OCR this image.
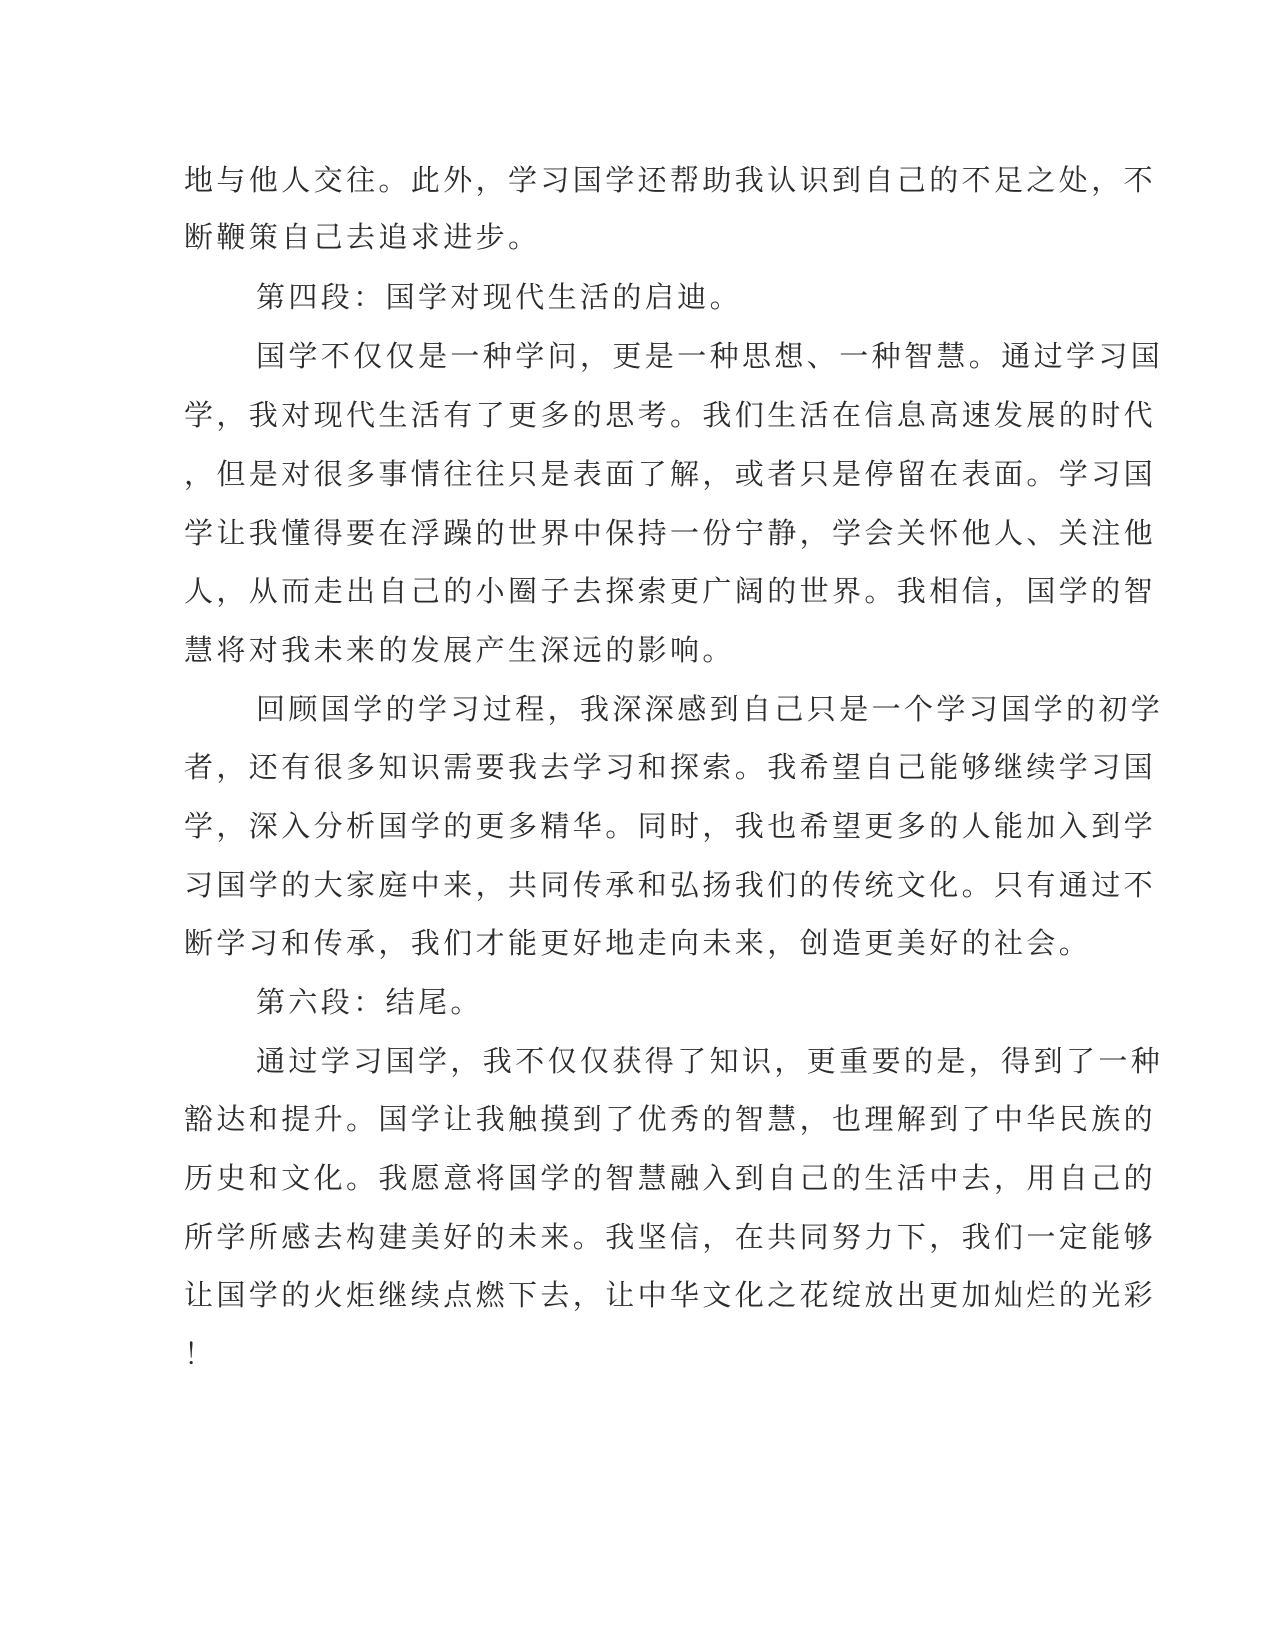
地与他人交往。此外，学习国学还帮助我认识到自己的不足之处，不
断鞭策自己去追求进步。
第四段：国学对现代生活的启迪。
国学不仅仅是一种学问，更是一种思想、一种智慧。通过学习国
学，我对现代生活有了更多的思考。我们生活在信息高速发展的时代
，但是对很多事情往往只是表面了解，或者只是停留在表面。学习国
学让我懂得要在浮躁的世界中保持一份宁静，学会关怀他人、关注他
人，从而走出自己的小圈子去探索更广阔的世界。我相信，国学的智
慧将对我未来的发展产生深远的影响。
回顾国学的学习过程，我深深感到自己只是一个学习国学的初学
者，还有很多知识需要我去学习和探索。我希望自己能够继续学习国
学，深入分析国学的更多精华。同时，我也希望更多的人能加入到学
习国学的大家庭中来，共同传承和弘扬我们的传统文化。只有通过不
断学习和传承，我们才能更好地走向未来，创造更美好的社会。
第六段：结尾。
通过学习国学，我不仅仅获得了知识，更重要的是，得到了一种
豁达和提升。国学让我触摸到了优秀的智慧，也理解到了中华民族的
历史和文化。我愿意将国学的智慧融入到自己的生活中去，用自己的
所学所感去构建美好的未来。我坚信，在共同努力下，我们一定能够
让国学的火炬继续点燃下去，让中华文化之花绽放出更加灿烂的光彩
！
